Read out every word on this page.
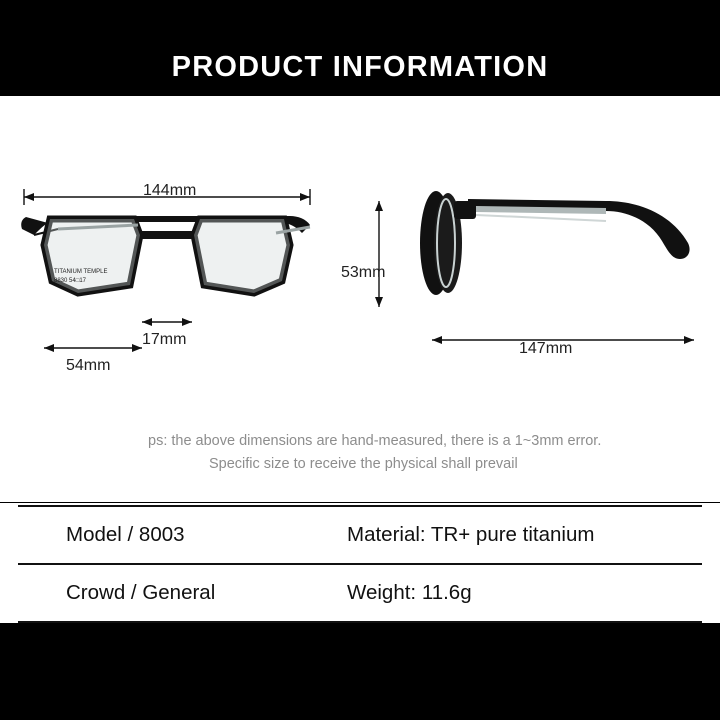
PRODUCT INFORMATION
TITANIUM TEMPLE
8830 54□17
144mm
17mm
54mm
53mm
147mm
ps: the above dimensions are hand-measured, there is a 1~3mm error.
Specific size to receive the physical shall prevail
Model / 8003	Material: TR+ pure titanium
Crowd / General	Weight: 11.6g
